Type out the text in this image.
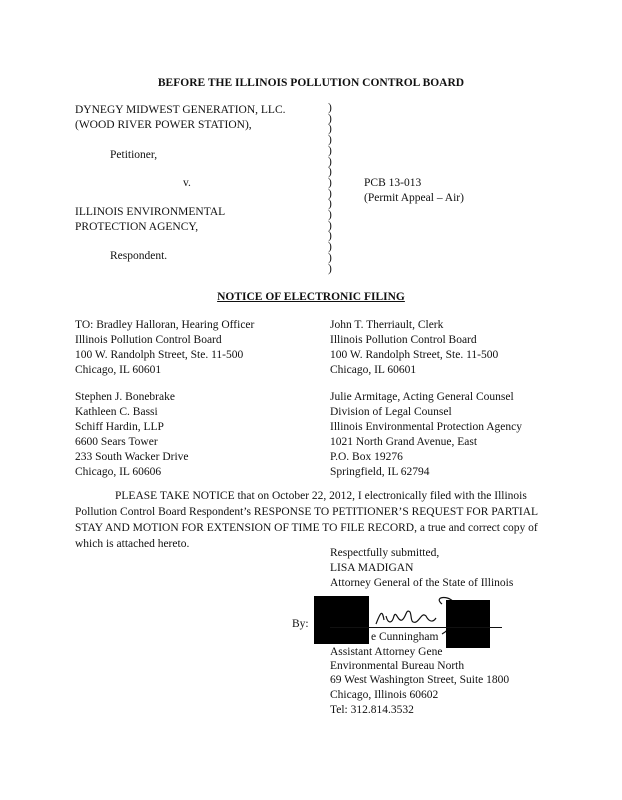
BEFORE THE ILLINOIS POLLUTION CONTROL BOARD
DYNEGY MIDWEST GENERATION, LLC.
(WOOD RIVER POWER STATION),
Petitioner,
v.
ILLINOIS ENVIRONMENTAL
PROTECTION AGENCY,
Respondent.
)
)
)
)
)
)
)
)
)
)
)
)
)
)
)
)
PCB 13-013
(Permit Appeal – Air)
NOTICE OF ELECTRONIC FILING
TO: Bradley Halloran, Hearing Officer
Illinois Pollution Control Board
100 W. Randolph Street, Ste. 11-500
Chicago, IL 60601
John T. Therriault, Clerk
Illinois Pollution Control Board
100 W. Randolph Street, Ste. 11-500
Chicago, IL 60601
Stephen J. Bonebrake
Kathleen C. Bassi
Schiff Hardin, LLP
6600 Sears Tower
233 South Wacker Drive
Chicago, IL 60606
Julie Armitage, Acting General Counsel
Division of Legal Counsel
Illinois Environmental Protection Agency
1021 North Grand Avenue, East
P.O. Box 19276
Springfield, IL 62794
PLEASE TAKE NOTICE that on October 22, 2012, I electronically filed with the Illinois Pollution Control Board Respondent’s RESPONSE TO PETITIONER’S REQUEST FOR PARTIAL STAY AND MOTION FOR EXTENSION OF TIME TO FILE RECORD, a true and correct copy of which is attached hereto.
Respectfully submitted,
LISA MADIGAN
Attorney General of the State of Illinois
By:
e Cunningham
Assistant Attorney Gene
Environmental Bureau North
69 West Washington Street, Suite 1800
Chicago, Illinois 60602
Tel: 312.814.3532
